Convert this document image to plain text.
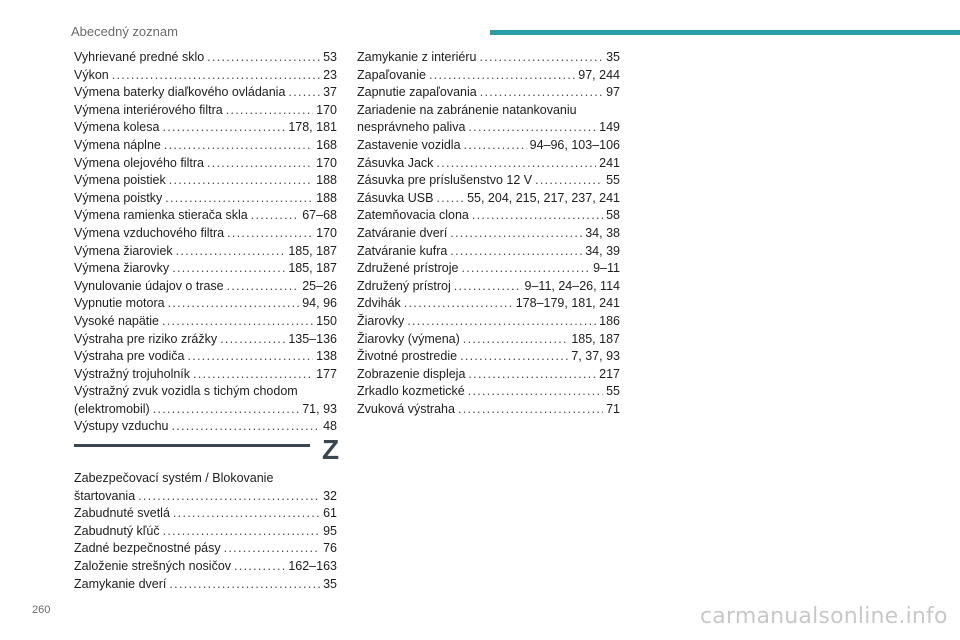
Abecedný zoznam
Vyhrievané predné sklo .....	53
Výkon .....	23
Výmena baterky diaľkového ovládania .....	37
Výmena interiérového filtra .....	170
Výmena kolesa .....	178, 181
Výmena náplne .....	168
Výmena olejového filtra .....	170
Výmena poistiek .....	188
Výmena poistky .....	188
Výmena ramienka stierača skla .....	67–68
Výmena vzduchového filtra .....	170
Výmena žiaroviek .....	185, 187
Výmena žiarovky .....	185, 187
Vynulovanie údajov o trase .....	25–26
Vypnutie motora .....	94, 96
Vysoké napätie .....	150
Výstraha pre riziko zrážky .....	135–136
Výstraha pre vodiča .....	138
Výstražný trojuholník .....	177
Výstražný zvuk vozidla s tichým chodom
(elektromobil) .....	71, 93
Výstupy vzduchu .....	48
Z
Zabezpečovací systém / Blokovanie
štartovania .....	32
Zabudnuté svetlá .....	61
Zabudnutý kľúč .....	95
Zadné bezpečnostné pásy .....	76
Založenie strešných nosičov .....	162–163
Zamykanie dverí .....	35
Zamykanie z interiéru .....	35
Zapaľovanie .....	97, 244
Zapnutie zapaľovania .....	97
Zariadenie na zabránenie natankovaniu
nesprávneho paliva .....	149
Zastavenie vozidla .....	94–96, 103–106
Zásuvka Jack .....	241
Zásuvka pre príslušenstvo 12 V .....	55
Zásuvka USB .....	55, 204, 215, 217, 237, 241
Zatemňovacia clona .....	58
Zatváranie dverí .....	34, 38
Zatváranie kufra .....	34, 39
Združené prístroje .....	9–11
Združený prístroj .....	9–11, 24–26, 114
Zdvihák .....	178–179, 181, 241
Žiarovky .....	186
Žiarovky (výmena) .....	185, 187
Životné prostredie .....	7, 37, 93
Zobrazenie displeja .....	217
Zrkadlo kozmetické .....	55
Zvuková výstraha .....	71
260	carmanualsonline.info
